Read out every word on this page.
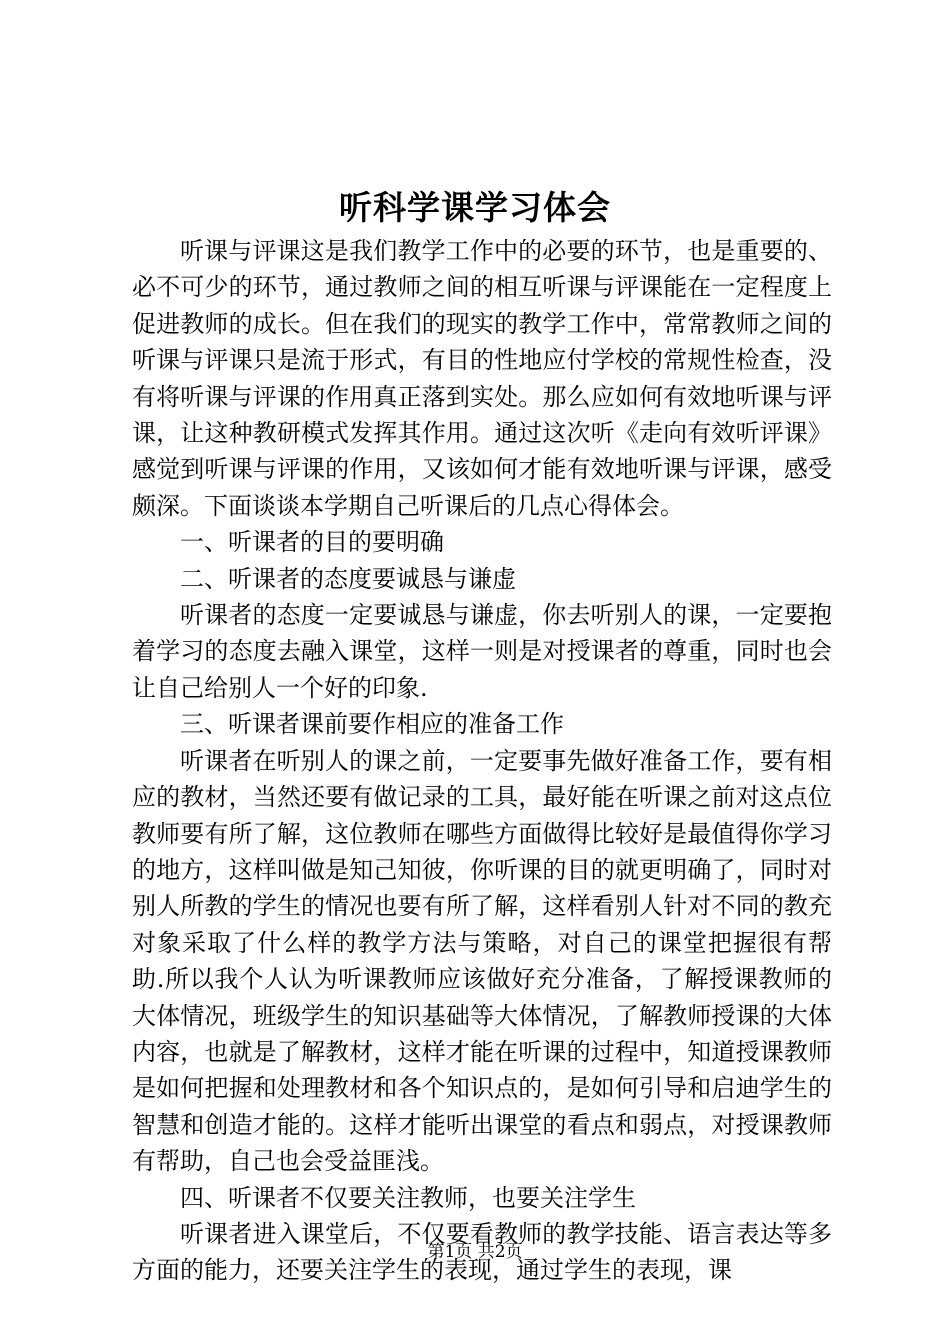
听科学课学习体会

听课与评课这是我们教学工作中的必要的环节，也是重要的、必不可少的环节，通过教师之间的相互听课与评课能在一定程度上促进教师的成长。但在我们的现实的教学工作中，常常教师之间的听课与评课只是流于形式，有目的性地应付学校的常规性检查，没有将听课与评课的作用真正落到实处。那么应如何有效地听课与评课，让这种教研模式发挥其作用。通过这次听《走向有效听评课》感觉到听课与评课的作用，又该如何才能有效地听课与评课，感受颇深。下面谈谈本学期自己听课后的几点心得体会。

一、听课者的目的要明确

二、听课者的态度要诚恳与谦虚

听课者的态度一定要诚恳与谦虚，你去听别人的课，一定要抱着学习的态度去融入课堂，这样一则是对授课者的尊重，同时也会让自己给别人一个好的印象.

三、听课者课前要作相应的准备工作

听课者在听别人的课之前，一定要事先做好准备工作，要有相应的教材，当然还要有做记录的工具，最好能在听课之前对这点位教师要有所了解，这位教师在哪些方面做得比较好是最值得你学习的地方，这样叫做是知己知彼，你听课的目的就更明确了，同时对别人所教的学生的情况也要有所了解，这样看别人针对不同的教充对象采取了什么样的教学方法与策略，对自己的课堂把握很有帮助.所以我个人认为听课教师应该做好充分准备，了解授课教师的大体情况，班级学生的知识基础等大体情况，了解教师授课的大体内容，也就是了解教材，这样才能在听课的过程中，知道授课教师是如何把握和处理教材和各个知识点的，是如何引导和启迪学生的智慧和创造才能的。这样才能听出课堂的看点和弱点，对授课教师有帮助，自己也会受益匪浅。

四、听课者不仅要关注教师，也要关注学生

听课者进入课堂后，不仅要看教师的教学技能、语言表达等多方面的能力，还要关注学生的表现，通过学生的表现，课

第1页 共2页
